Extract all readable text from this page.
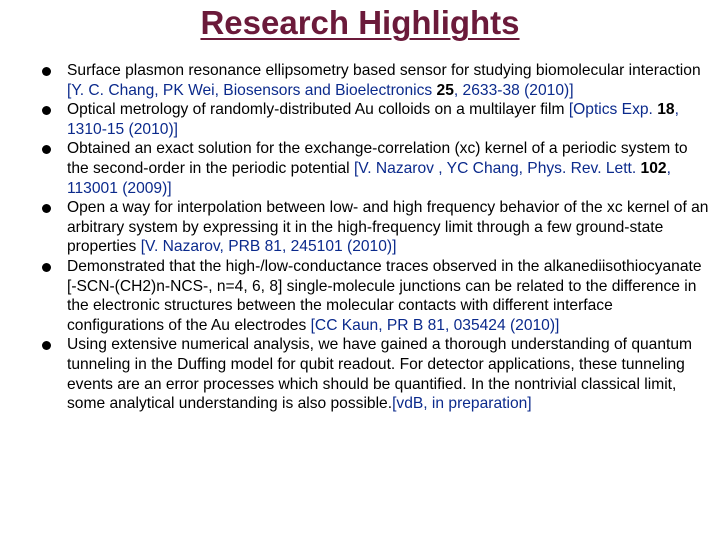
Research Highlights
Surface plasmon resonance ellipsometry based sensor for studying biomolecular interaction [Y. C. Chang, PK Wei, Biosensors and Bioelectronics 25, 2633-38 (2010)]
Optical metrology of randomly-distributed Au colloids on a multilayer film [Optics Exp. 18, 1310-15 (2010)]
Obtained an exact solution for the exchange-correlation (xc) kernel of a periodic system to the second-order in the periodic potential [V. Nazarov , YC Chang, Phys. Rev. Lett. 102, 113001 (2009)]
Open a way for interpolation between low- and high frequency behavior of the xc kernel of an arbitrary system by expressing it in the high-frequency limit through a few ground-state properties [V. Nazarov, PRB 81, 245101 (2010)]
Demonstrated that the high-/low-conductance traces observed in the alkanediisothiocyanate [-SCN-(CH2)n-NCS-, n=4, 6, 8] single-molecule junctions can be related to the difference in the electronic structures between the molecular contacts with different interface configurations of the Au electrodes [CC Kaun, PR B 81, 035424 (2010)]
Using extensive numerical analysis, we have gained a thorough understanding of quantum tunneling in the Duffing model for qubit readout. For detector applications, these tunneling events are an error processes which should be quantified. In the nontrivial classical limit, some analytical understanding is also possible.[vdB, in preparation]
